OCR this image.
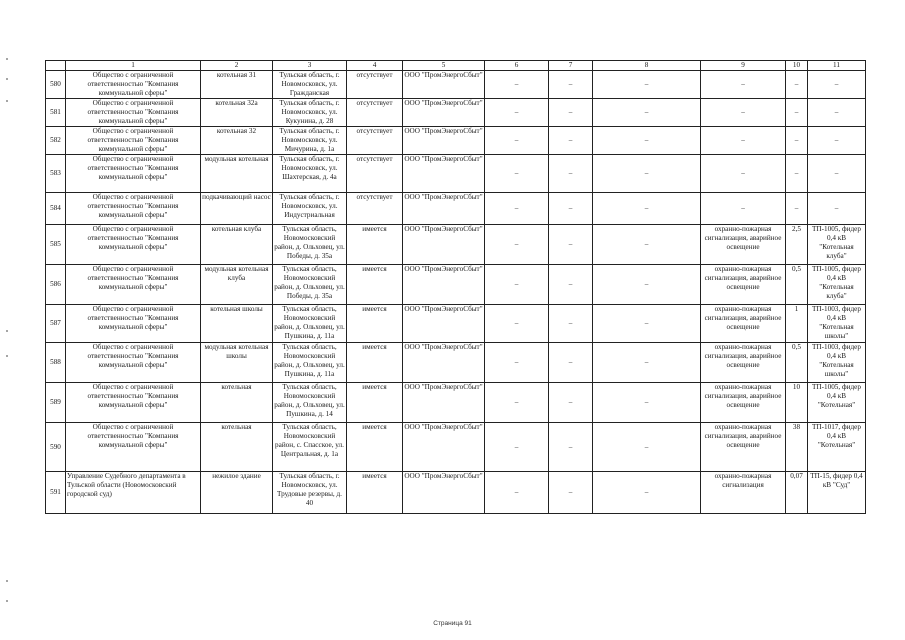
	1	2	3	4	5	6	7	8	9	10	11
580	Общество с ограниченной ответственностью "Компания коммунальной сферы"	котельная 31	Тульская область, г. Новомосковск, ул. Гражданская	отсутствует	ООО "ПромЭнергоСбыт"	–	–	–	–	–	–
581	Общество с ограниченной ответственностью "Компания коммунальной сферы"	котельная 32а	Тульская область, г. Новомосковск, ул. Кукунина, д. 28	отсутствует	ООО "ПромЭнергоСбыт"	–	–	–	–	–	–
582	Общество с ограниченной ответственностью "Компания коммунальной сферы"	котельная 32	Тульская область, г. Новомосковск, ул. Мичурина, д. 1а	отсутствует	ООО "ПромЭнергоСбыт"	–	–	–	–	–	–
583	Общество с ограниченной ответственностью "Компания коммунальной сферы"	модульная котельная	Тульская область, г. Новомосковск, ул. Шахтерская, д. 4а	отсутствует	ООО "ПромЭнергоСбыт"	–	–	–	–	–	–
584	Общество с ограниченной ответственностью "Компания коммунальной сферы"	подкачивающий насос	Тульская область, г. Новомосковск, ул. Индустриальная	отсутствует	ООО "ПромЭнергоСбыт"	–	–	–	–	–	–
585	Общество с ограниченной ответственностью "Компания коммунальной сферы"	котельная клуба	Тульская область, Новомосковский район, д. Ольховец, ул. Победы, д. 35а	имеется	ООО "ПромЭнергоСбыт"	–	–	–	охранно-пожарная сигнализация, аварийное освещение	2,5	ТП-1005, фидер 0,4 кВ "Котельная клуба"
586	Общество с ограниченной ответственностью "Компания коммунальной сферы"	модульная котельная клуба	Тульская область, Новомосковский район, д. Ольховец, ул. Победы, д. 35а	имеется	ООО "ПромЭнергоСбыт"	–	–	–	охранно-пожарная сигнализация, аварийное освещение	0,5	ТП-1005, фидер 0,4 кВ "Котельная клуба"
587	Общество с ограниченной ответственностью "Компания коммунальной сферы"	котельная школы	Тульская область, Новомосковский район, д. Ольховец, ул. Пушкина, д. 11а	имеется	ООО "ПромЭнергоСбыт"	–	–	–	охранно-пожарная сигнализация, аварийное освещение	1	ТП-1003, фидер 0,4 кВ "Котельная школы"
588	Общество с ограниченной ответственностью "Компания коммунальной сферы"	модульная котельная школы	Тульская область, Новомосковский район, д. Ольховец, ул. Пушкина, д. 11а	имеется	ООО "ПромЭнергоСбыт"	–	–	–	охранно-пожарная сигнализация, аварийное освещение	0,5	ТП-1003, фидер 0,4 кВ "Котельная школы"
589	Общество с ограниченной ответственностью "Компания коммунальной сферы"	котельная	Тульская область, Новомосковский район, д. Ольховец, ул. Пушкина, д. 14	имеется	ООО "ПромЭнергоСбыт"	–	–	–	охранно-пожарная сигнализация, аварийное освещение	10	ТП-1005, фидер 0,4 кВ "Котельная"
590	Общество с ограниченной ответственностью "Компания коммунальной сферы"	котельная	Тульская область, Новомосковский район, с. Спасское, ул. Центральная, д. 1а	имеется	ООО "ПромЭнергоСбыт"	–	–	–	охранно-пожарная сигнализация, аварийное освещение	38	ТП-1017, фидер 0,4 кВ "Котельная"
591	Управление Судебного департамента в Тульской области (Новомосковский городской суд)	нежилое здание	Тульская область, г. Новомосковск, ул. Трудовые резервы, д. 40	имеется	ООО "ПромЭнергоСбыт"	–	–	–	охранно-пожарная сигнализация	0,07	ТП-15, фидер 0,4 кВ "Суд"
Страница 91
